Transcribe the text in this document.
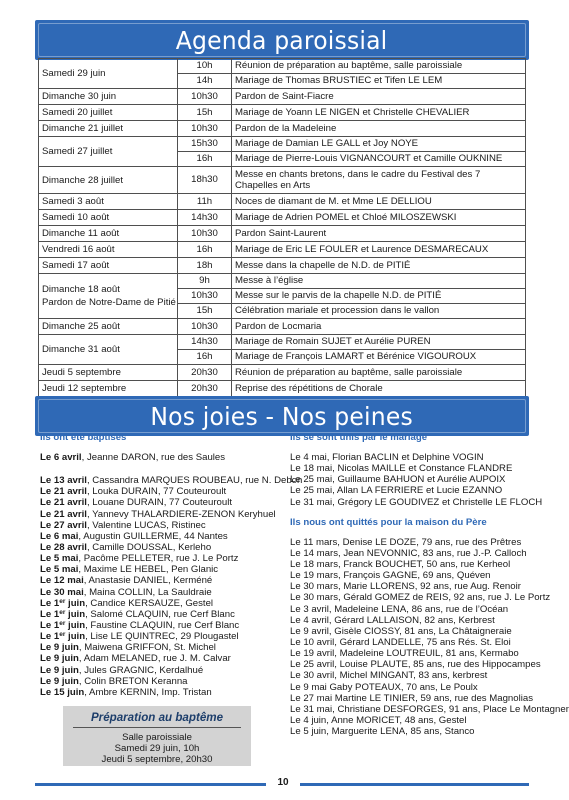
Agenda paroissial
Samedi 29 juin	10h	Réunion de préparation au baptême, salle paroissiale
	14h	Mariage de Thomas BRUSTIEC et Tifen LE LEM
Dimanche 30 juin	10h30	Pardon de Saint-Fiacre
Samedi 20 juillet	15h	Mariage de Yoann LE NIGEN et Christelle CHEVALIER
Dimanche 21 juillet	10h30	Pardon de la Madeleine
Samedi 27 juillet	15h30	Mariage de Damian LE GALL et Joy NOYE
	16h	Mariage de Pierre-Louis VIGNANCOURT et Camille OUKNINE
Dimanche 28 juillet	18h30	Messe en chants bretons, dans le cadre du Festival des 7 Chapelles en Arts
Samedi 3 août	11h	Noces de diamant de M. et Mme LE DELLIOU
Samedi 10 août	14h30	Mariage de Adrien POMEL et Chloé MILOSZEWSKI
Dimanche 11 août	10h30	Pardon Saint-Laurent
Vendredi 16 août	16h	Mariage de Eric LE FOULER et Laurence DESMARECAUX
Samedi 17 août	18h	Messe dans la chapelle de N.D. de PITIÉ
Dimanche 18 août
Pardon de Notre-Dame de Pitié	9h	Messe à l’église
	10h30	Messe sur le parvis de la chapelle N.D. de PITIÉ
	15h	Célébration mariale et procession dans le vallon
Dimanche 25 août	10h30	Pardon de Locmaria
Dimanche 31 août	14h30	Mariage de Romain SUJET et Aurélie PUREN
	16h	Mariage de François LAMART et Bérénice VIGOUROUX
Jeudi 5 septembre	20h30	Réunion de préparation au baptême, salle paroissiale
Jeudi 12 septembre	20h30	Reprise des répétitions de Chorale
Nos joies - Nos peines
Ils ont été baptisés
Le 6 avril, Jeanne DARON, rue des Saules
Le 13 avril, Cassandra MARQUES ROUBEAU, rue N. Debon
Le 21 avril, Louka DURAIN, 77 Couteuroult
Le 21 avril, Louane DURAIN, 77 Couteuroult
Le 21 avril, Yannevy THALARDIERE-ZENON Keryhuel
Le 27 avril, Valentine LUCAS, Ristinec
Le 6 mai, Augustin GUILLERME, 44 Nantes
Le 28 avril, Camille DOUSSAL, Kerleho
Le 5 mai, Pacôme PELLETER, rue J. Le Portz
Le 5 mai, Maxime LE HEBEL, Pen Glanic
Le 12 mai, Anastasie DANIEL, Kerméné
Le 30 mai, Maina COLLIN, La Sauldraie
Le 1er juin, Candice KERSAUZE, Gestel
Le 1er juin, Salomé CLAQUIN, rue Cerf Blanc
Le 1er juin, Faustine CLAQUIN, rue Cerf Blanc
Le 1er juin, Lise LE QUINTREC, 29 Plougastel
Le 9 juin, Maiwena GRIFFON, St. Michel
Le 9 juin, Adam MELANED, rue J. M. Calvar
Le 9 juin, Jules GRAGNIC, Kerdalhué
Le 9 juin, Colin BRETON Keranna
Le 15 juin, Ambre KERNIN, Imp. Tristan
Ils se sont unis par le mariage
Le 4 mai, Florian BACLIN et Delphine VOGIN
Le 18 mai, Nicolas MAILLE et Constance FLANDRE
Le 25 mai, Guillaume BAHUON et Aurélie AUPOIX
Le 25 mai, Allan LA FERRIERE et Lucie EZANNO
Le 31 mai, Grégory LE GOUDIVEZ et Christelle LE FLOCH
Ils nous ont quittés pour la maison du Père
Le 11 mars, Denise LE DOZE, 79 ans, rue des Prêtres
Le 14 mars, Jean NEVONNIC, 83 ans, rue J.-P. Calloch
Le 18 mars, Franck BOUCHET, 50 ans, rue Kerheol
Le 19 mars, François GAGNE, 69 ans, Quéven
Le 30 mars, Marie LLORENS, 92 ans, rue Aug. Renoir
Le 30 mars, Gérald GOMEZ de REIS, 92 ans, rue J. Le Portz
Le 3 avril, Madeleine LENA, 86 ans, rue de l’Océan
Le 4 avril, Gérard LALLAISON, 82 ans, Kerbrest
Le 9 avril, Gisèle CIOSSY, 81 ans, La Châtaigneraie
Le 10 avril, Gérard LANDELLE, 75 ans Rés. St. Eloi
Le 19 avril, Madeleine LOUTREUIL, 81 ans, Kermabo
Le 25 avril, Louise PLAUTE, 85 ans, rue des Hippocampes
Le 30 avril, Michel MINGANT, 83 ans, kerbrest
Le 9 mai Gaby POTEAUX, 70 ans, Le Poulx
Le 27 mai Martine LE TINIER, 59 ans, rue des Magnolias
Le 31 mai, Christiane DESFORGES, 91 ans, Place Le Montagner
Le 4 juin, Anne MORICET, 48 ans, Gestel
Le 5 juin, Marguerite LENA, 85 ans, Stanco
Préparation au baptême
Salle paroissiale
Samedi 29 juin, 10h
Jeudi 5 septembre, 20h30
10
